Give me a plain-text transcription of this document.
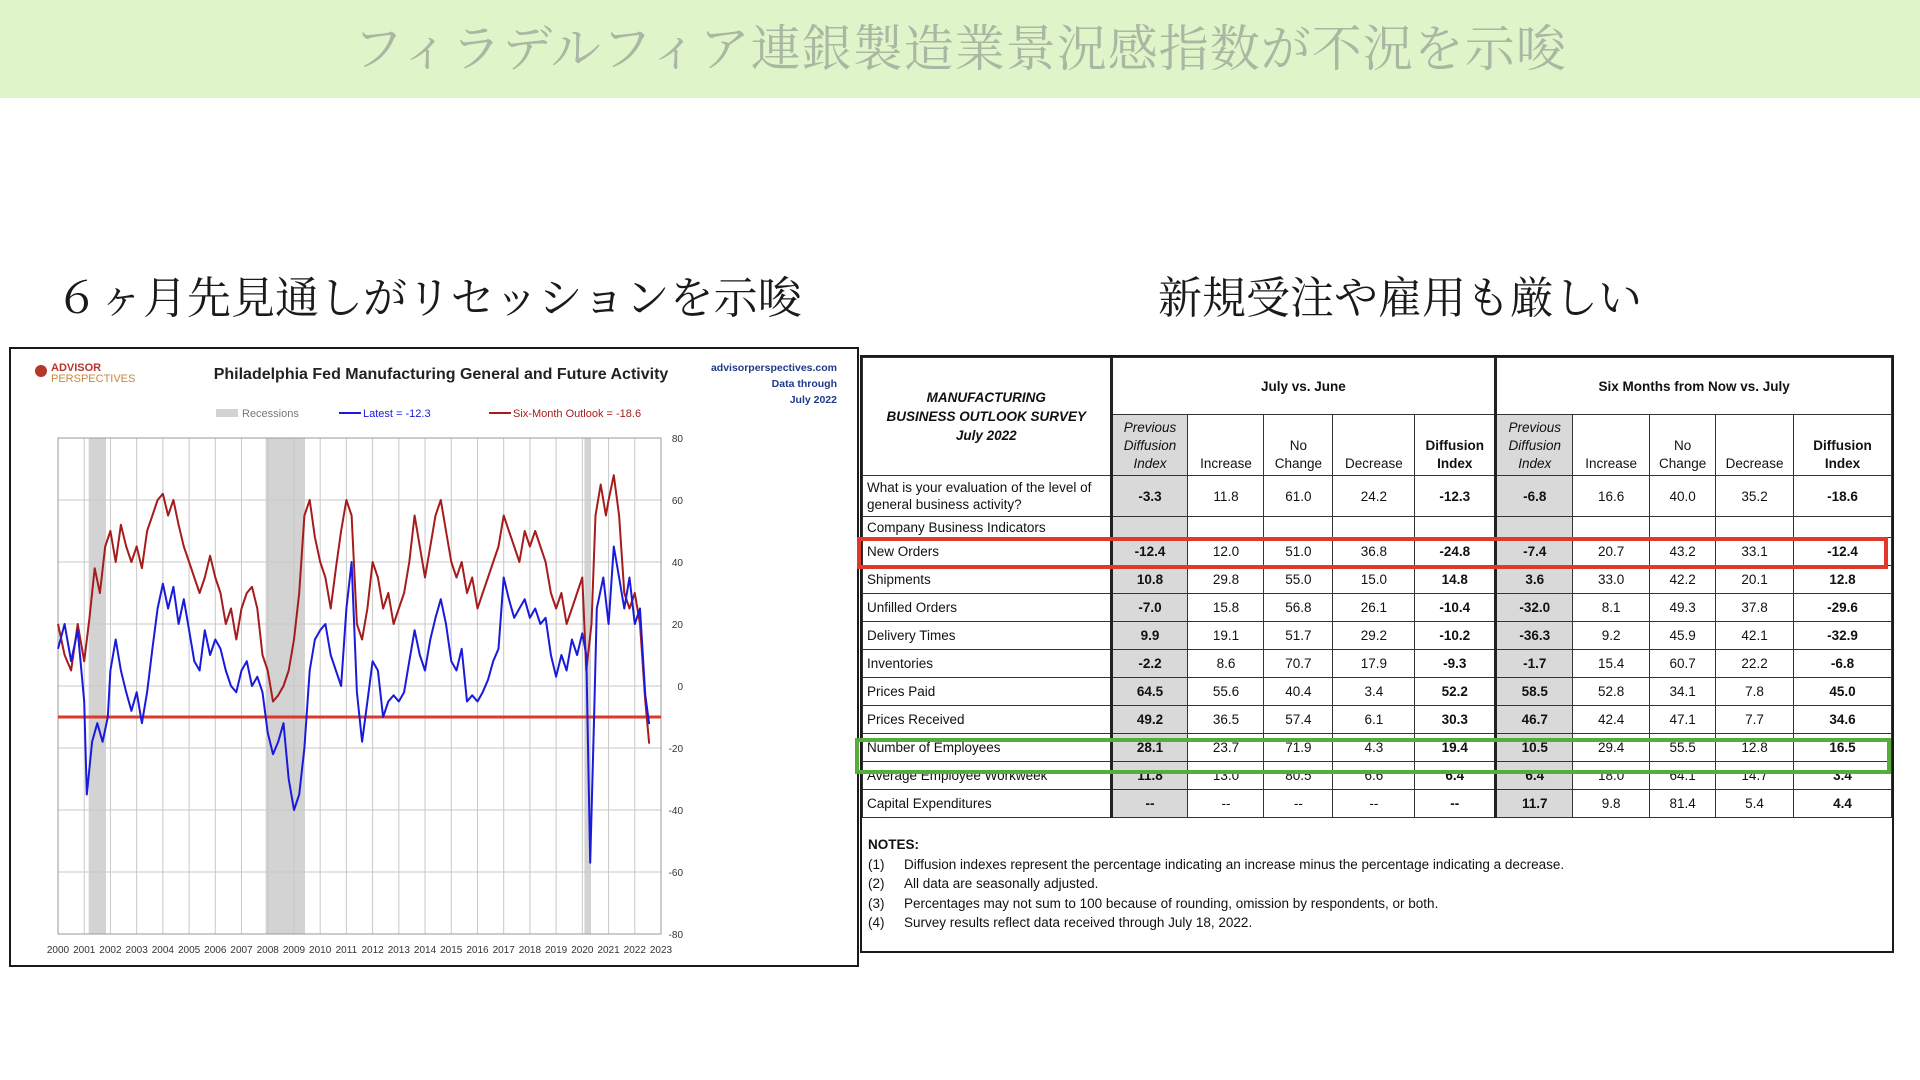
フィラデルフィア連銀製造業景況感指数が不況を示唆
６ヶ月先見通しがリセッションを示唆	新規受注や雇用も厳しい
ADVISOR
PERSPECTIVES	Philadelphia Fed Manufacturing General and Future Activity	advisorperspectives.com
Data through
July 2022
Recessions	Latest = -12.3	Six-Month Outlook = -18.6
80
60
40
20
0
-20
-40
-60
-80
2000 2001 2002 2003 2004 2005 2006 2007 2008 2009 2010 2011 2012 2013 2014 2015 2016 2017 2018 2019 2020 2021 2022 2023
MANUFACTURING
BUSINESS OUTLOOK SURVEY
July 2022	July vs. June					Six Months from Now vs. July				
	Previous Diffusion Index	Increase	No Change	Decrease	Diffusion Index	Previous Diffusion Index	Increase	No Change	Decrease	Diffusion Index
What is your evaluation of the level of general business activity?	-3.3	11.8	61.0	24.2	-12.3	-6.8	16.6	40.0	35.2	-18.6
Company Business Indicators										
New Orders	-12.4	12.0	51.0	36.8	-24.8	-7.4	20.7	43.2	33.1	-12.4
Shipments	10.8	29.8	55.0	15.0	14.8	3.6	33.0	42.2	20.1	12.8
Unfilled Orders	-7.0	15.8	56.8	26.1	-10.4	-32.0	8.1	49.3	37.8	-29.6
Delivery Times	9.9	19.1	51.7	29.2	-10.2	-36.3	9.2	45.9	42.1	-32.9
Inventories	-2.2	8.6	70.7	17.9	-9.3	-1.7	15.4	60.7	22.2	-6.8
Prices Paid	64.5	55.6	40.4	3.4	52.2	58.5	52.8	34.1	7.8	45.0
Prices Received	49.2	36.5	57.4	6.1	30.3	46.7	42.4	47.1	7.7	34.6
Number of Employees	28.1	23.7	71.9	4.3	19.4	10.5	29.4	55.5	12.8	16.5
Average Employee Workweek	11.8	13.0	80.5	6.6	6.4	6.4	18.0	64.1	14.7	3.4
Capital Expenditures	--	--	--	--	--	11.7	9.8	81.4	5.4	4.4
NOTES:
(1)	Diffusion indexes represent the percentage indicating an increase minus the percentage indicating a decrease.
(2)	All data are seasonally adjusted.
(3)	Percentages may not sum to 100 because of rounding, omission by respondents, or both.
(4)	Survey results reflect data received through July 18, 2022.
